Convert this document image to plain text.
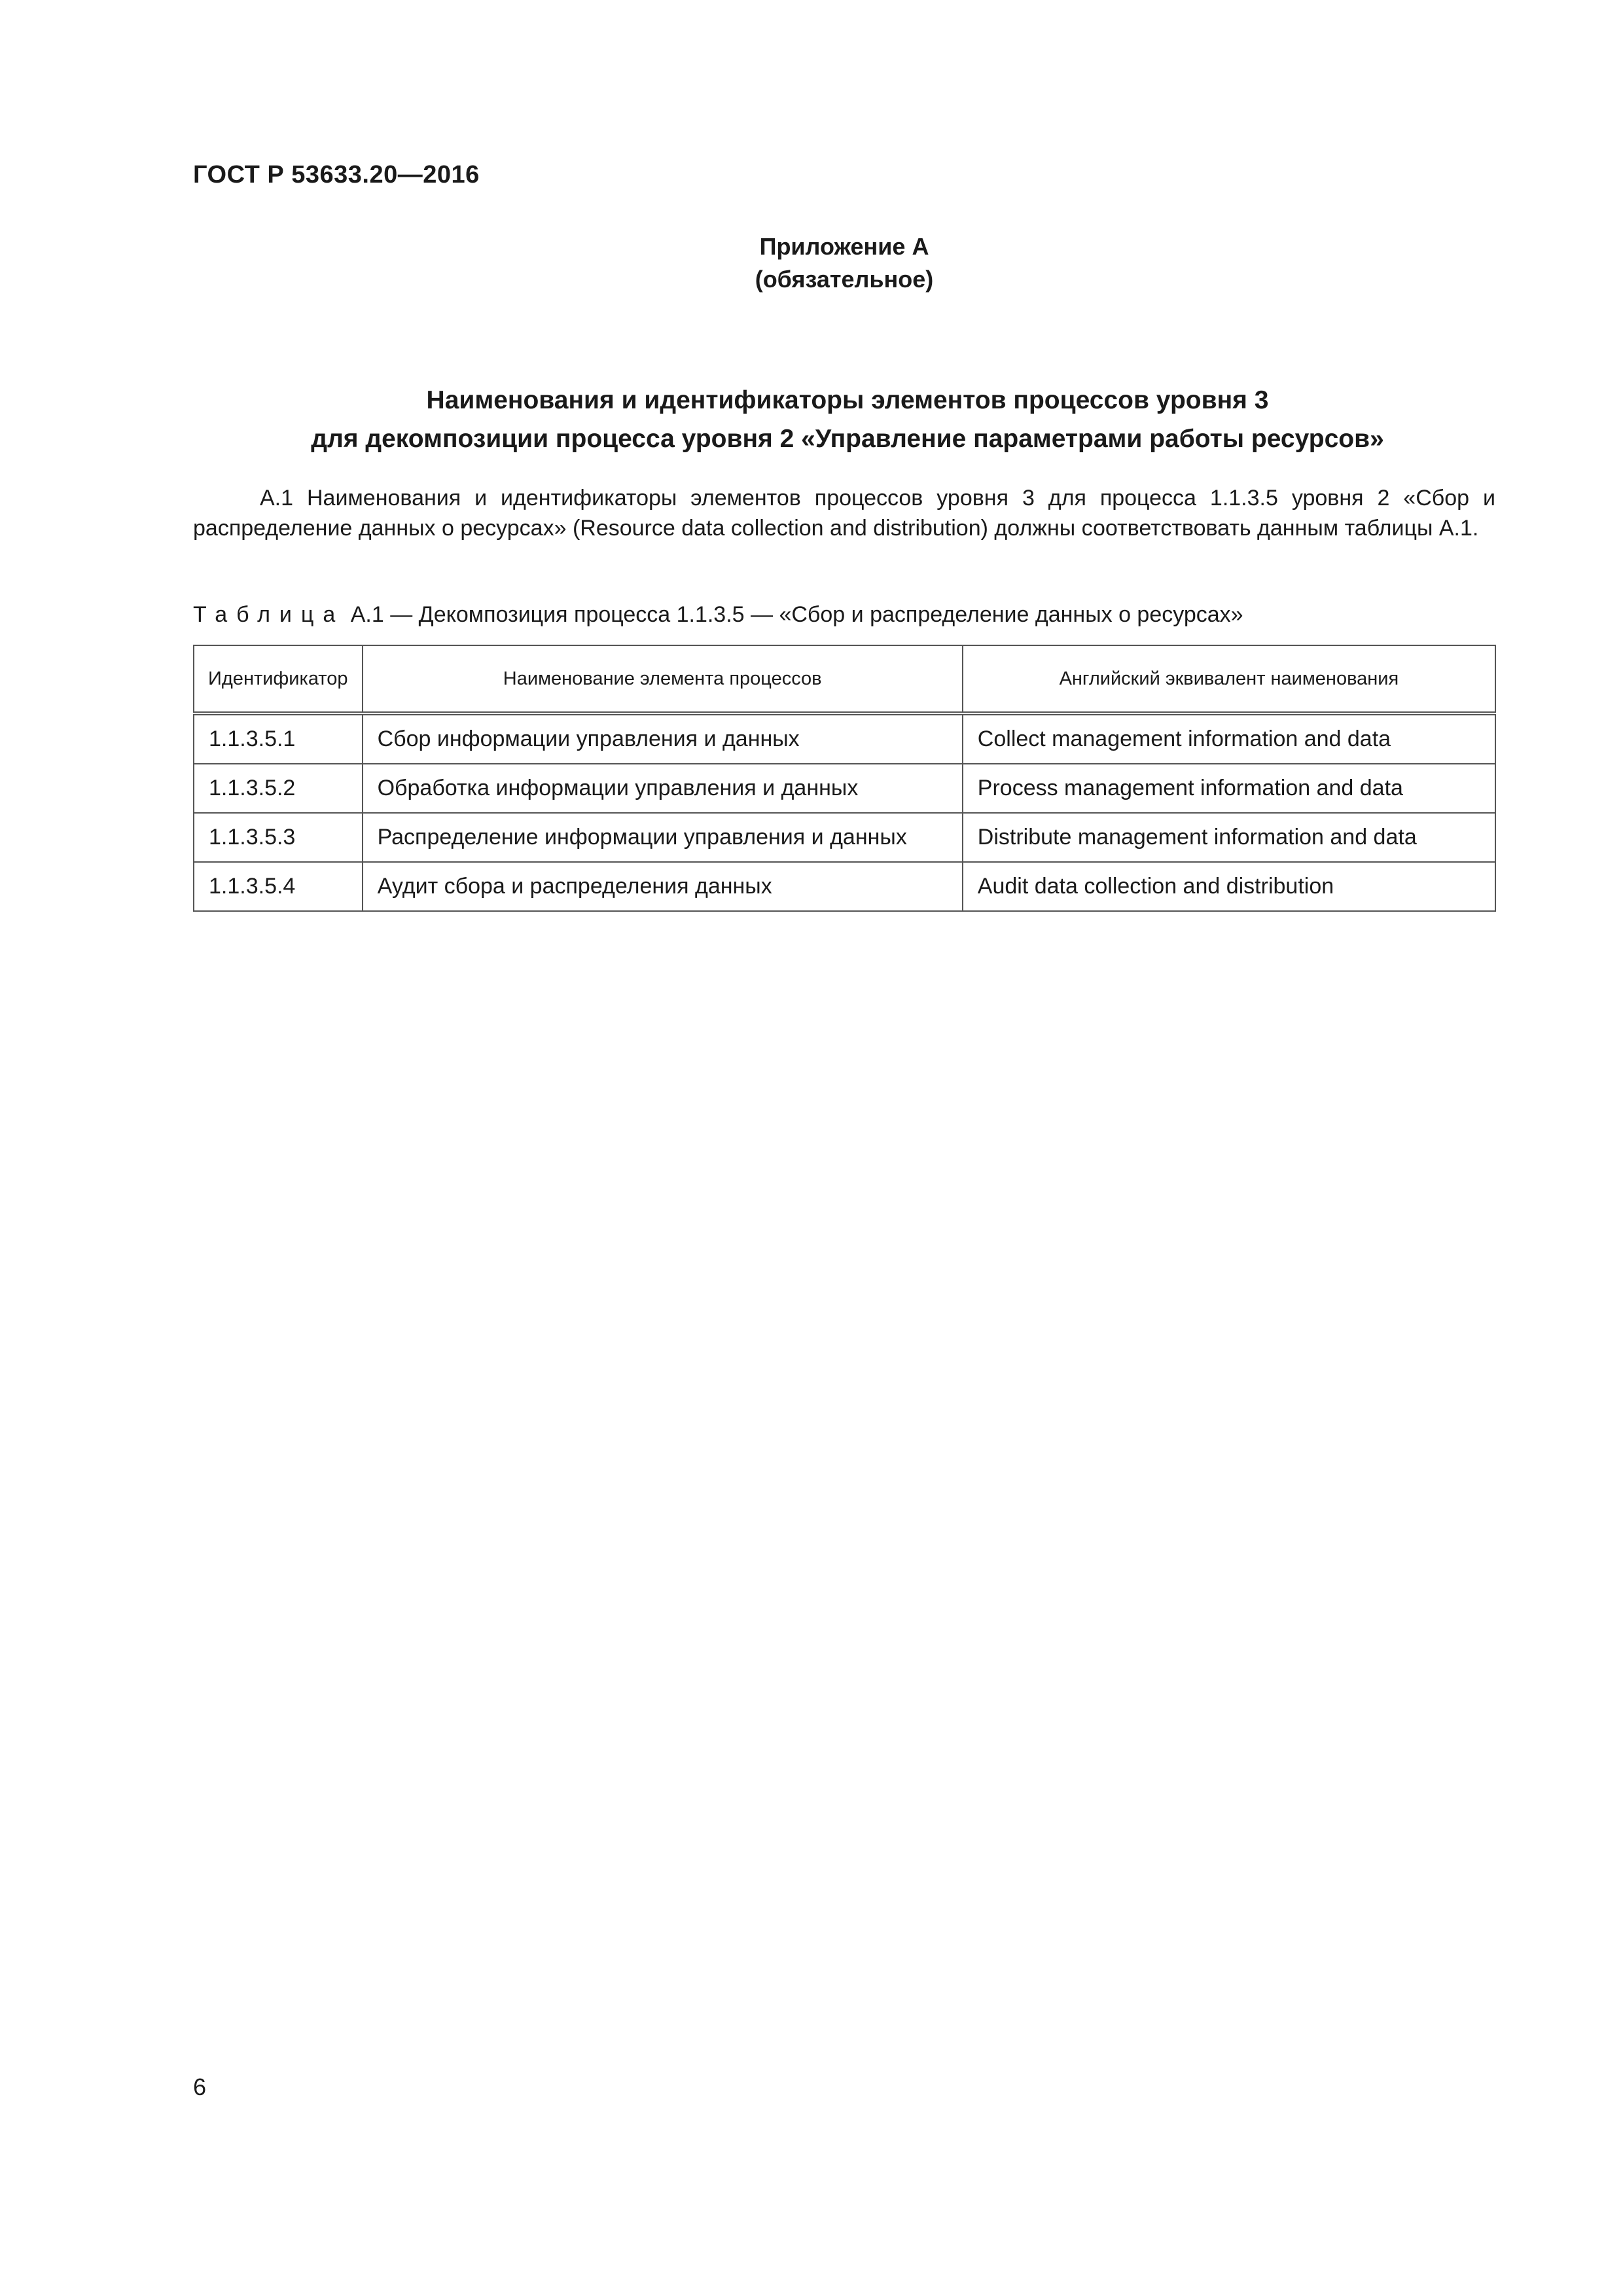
ГОСТ Р 53633.20—2016
Приложение А
(обязательное)
Наименования и идентификаторы элементов процессов уровня 3
для декомпозиции процесса уровня 2 «Управление параметрами работы ресурсов»
А.1 Наименования и идентификаторы элементов процессов уровня 3 для процесса 1.1.3.5 уровня 2 «Сбор и распределение данных о ресурсах» (Resource data collection and distribution) должны соответствовать данным таблицы А.1.
Таблица А.1 — Декомпозиция процесса 1.1.3.5 — «Сбор и распределение данных о ресурсах»
Идентификатор	Наименование элемента процессов	Английский эквивалент наименования
1.1.3.5.1	Сбор информации управления и данных	Collect management information and data
1.1.3.5.2	Обработка информации управления и данных	Process management information and data
1.1.3.5.3	Распределение информации управления и данных	Distribute management information and data
1.1.3.5.4	Аудит сбора и распределения данных	Audit data collection and distribution
6
